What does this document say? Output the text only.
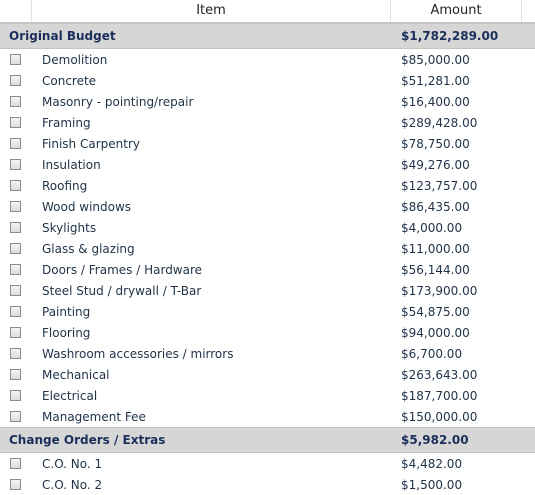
Item	Amount
Original Budget	$1,782,289.00
Demolition	$85,000.00
Concrete	$51,281.00
Masonry - pointing/repair	$16,400.00
Framing	$289,428.00
Finish Carpentry	$78,750.00
Insulation	$49,276.00
Roofing	$123,757.00
Wood windows	$86,435.00
Skylights	$4,000.00
Glass & glazing	$11,000.00
Doors / Frames / Hardware	$56,144.00
Steel Stud / drywall / T-Bar	$173,900.00
Painting	$54,875.00
Flooring	$94,000.00
Washroom accessories / mirrors	$6,700.00
Mechanical	$263,643.00
Electrical	$187,700.00
Management Fee	$150,000.00
Change Orders / Extras	$5,982.00
C.O. No. 1	$4,482.00
C.O. No. 2	$1,500.00
